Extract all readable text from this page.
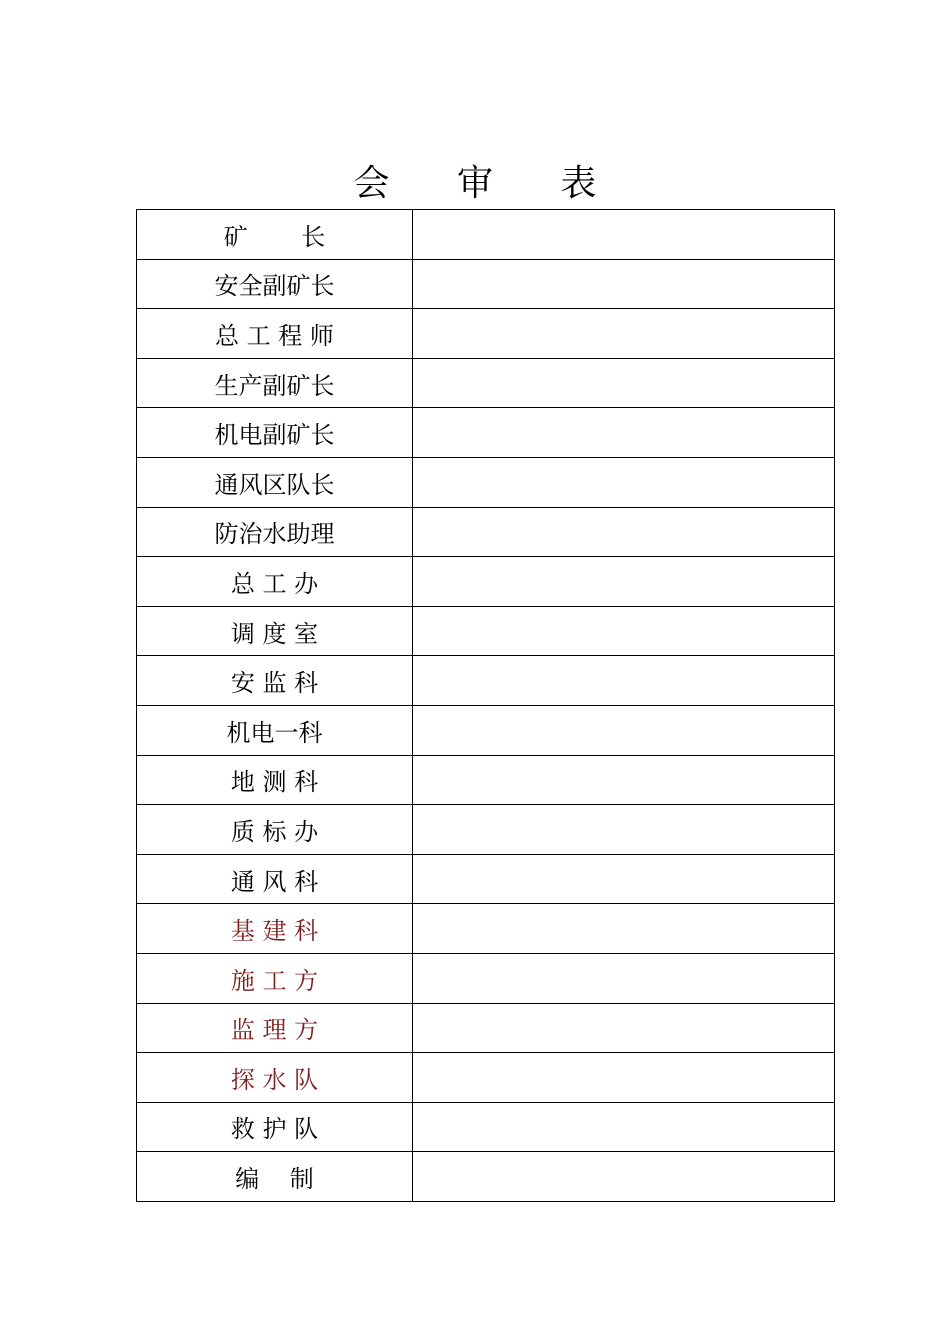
会 审 表
矿       长	
安全副矿长	
总 工 程 师	
生产副矿长	
机电副矿长	
通风区队长	
防治水助理	
总 工 办	
调 度 室	
安 监 科	
机电一科	
地 测 科	
质 标 办	
通 风 科	
基 建 科	
施 工 方	
监 理 方	
探 水 队	
救 护 队	
编    制	
